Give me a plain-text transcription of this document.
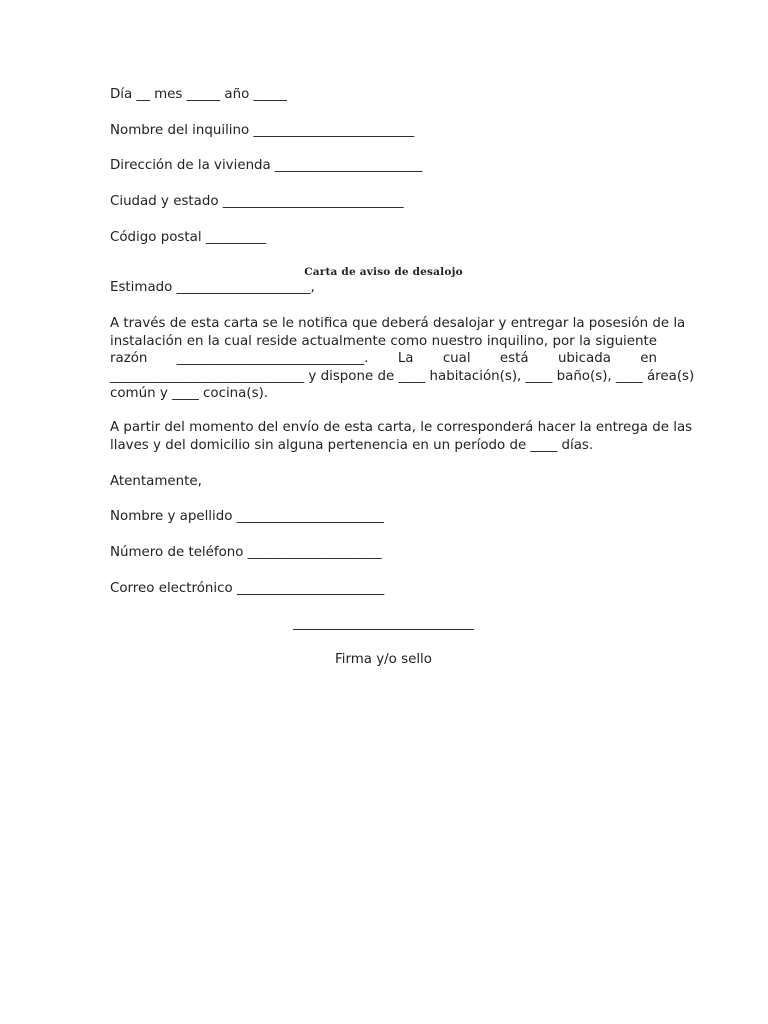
Día __ mes _____ año _____
Nombre del inquilino ________________________
Dirección de la vivienda ______________________
Ciudad y estado ___________________________
Código postal _________
Carta de aviso de desalojo
Estimado ____________________,
A través de esta carta se le notifica que deberá desalojar y entregar la posesión de la
instalación en la cual reside actualmente como nuestro inquilino, por la siguiente
razón ____________________________. La cual está ubicada en
_____________________________ y dispone de ____ habitación(s), ____ baño(s), ____ área(s)
común y ____ cocina(s).
A partir del momento del envío de esta carta, le corresponderá hacer la entrega de las
llaves y del domicilio sin alguna pertenencia en un período de ____ días.
Atentamente,
Nombre y apellido ______________________
Número de teléfono ____________________
Correo electrónico ______________________
___________________________
Firma y/o sello
